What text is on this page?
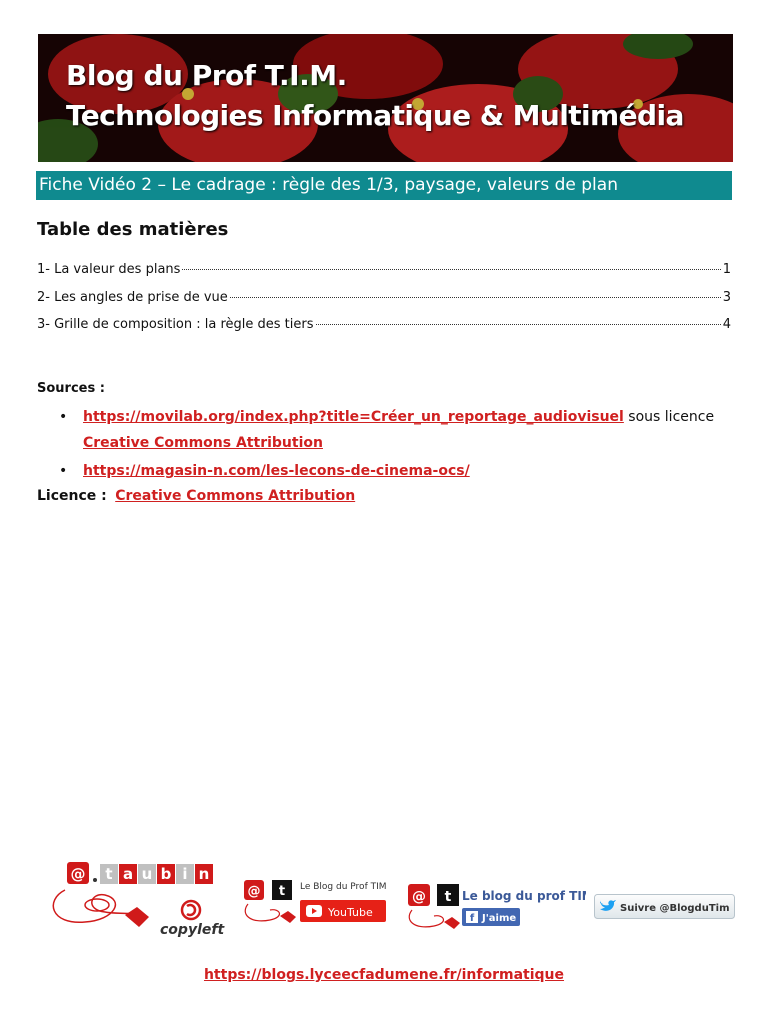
Blog du Prof T.I.M.
Technologies Informatique & Multimédia
Fiche Vidéo 2 – Le cadrage : règle des 1/3, paysage, valeurs de plan
Table des matières
1- La valeur des plans	1
2- Les angles de prise de vue	3
3- Grille de composition : la règle des tiers	4
Sources :
• https://movilab.org/index.php?title=Créer_un_reportage_audiovisuel sous licence Creative Commons Attribution
• https://magasin-n.com/les-lecons-de-cinema-ocs/
Licence : Creative Commons Attribution
@ t a u b i n
copyleft
@ t Le Blog du Prof TIM
YouTube
@ t Le blog du prof TIM
f J'aime
Suivre @BlogduTim
https://blogs.lyceecfadumene.fr/informatique
